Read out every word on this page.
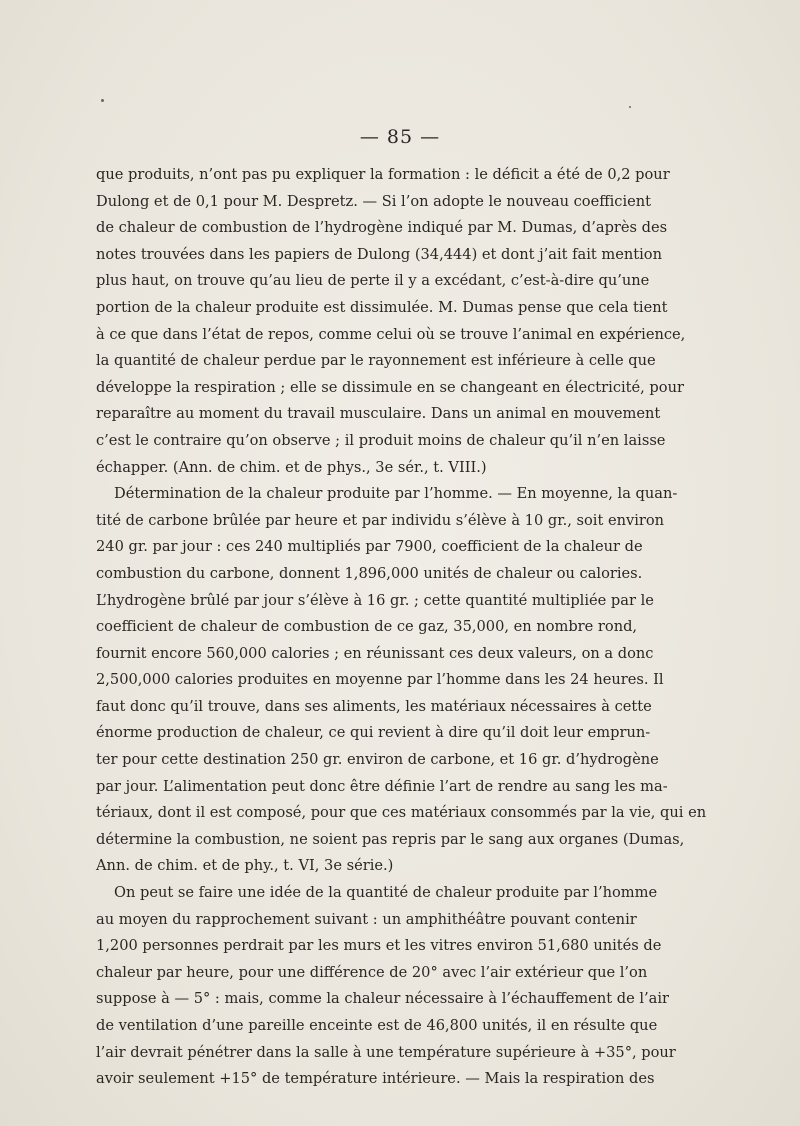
— 85 —
que produits, n’ont pas pu expliquer la formation : le déficit a été de 0,2 pour
Dulong et de 0,1 pour M. Despretz. — Si l’on adopte le nouveau coefficient
de chaleur de combustion de l’hydrogène indiqué par M. Dumas, d’après des
notes trouvées dans les papiers de Dulong (34,444) et dont j’ait fait mention
plus haut, on trouve qu’au lieu de perte il y a excédant, c’est-à-dire qu’une
portion de la chaleur produite est dissimulée. M. Dumas pense que cela tient
à ce que dans l’état de repos, comme celui où se trouve l’animal en expérience,
la quantité de chaleur perdue par le rayonnement est inférieure à celle que
développe la respiration ; elle se dissimule en se changeant en électricité, pour
reparaître au moment du travail musculaire. Dans un animal en mouvement
c’est le contraire qu’on observe ; il produit moins de chaleur qu’il n’en laisse
échapper. (Ann. de chim. et de phys., 3e sér., t. VIII.)
Détermination de la chaleur produite par l’homme. — En moyenne, la quan-
tité de carbone brûlée par heure et par individu s’élève à 10 gr., soit environ
240 gr. par jour : ces 240 multipliés par 7900, coefficient de la chaleur de
combustion du carbone, donnent 1,896,000 unités de chaleur ou calories.
L’hydrogène brûlé par jour s’élève à 16 gr. ; cette quantité multipliée par le
coefficient de chaleur de combustion de ce gaz, 35,000, en nombre rond,
fournit encore 560,000 calories ; en réunissant ces deux valeurs, on a donc
2,500,000 calories produites en moyenne par l’homme dans les 24 heures. Il
faut donc qu’il trouve, dans ses aliments, les matériaux nécessaires à cette
énorme production de chaleur, ce qui revient à dire qu’il doit leur emprun-
ter pour cette destination 250 gr. environ de carbone, et 16 gr. d’hydrogène
par jour. L’alimentation peut donc être définie l’art de rendre au sang les ma-
tériaux, dont il est composé, pour que ces matériaux consommés par la vie, qui en
détermine la combustion, ne soient pas repris par le sang aux organes (Dumas,
Ann. de chim. et de phy., t. VI, 3e série.)
On peut se faire une idée de la quantité de chaleur produite par l’homme
au moyen du rapprochement suivant : un amphithéâtre pouvant contenir
1,200 personnes perdrait par les murs et les vitres environ 51,680 unités de
chaleur par heure, pour une différence de 20° avec l’air extérieur que l’on
suppose à — 5° : mais, comme la chaleur nécessaire à l’échauffement de l’air
de ventilation d’une pareille enceinte est de 46,800 unités, il en résulte que
l’air devrait pénétrer dans la salle à une température supérieure à +35°, pour
avoir seulement +15° de température intérieure. — Mais la respiration des
